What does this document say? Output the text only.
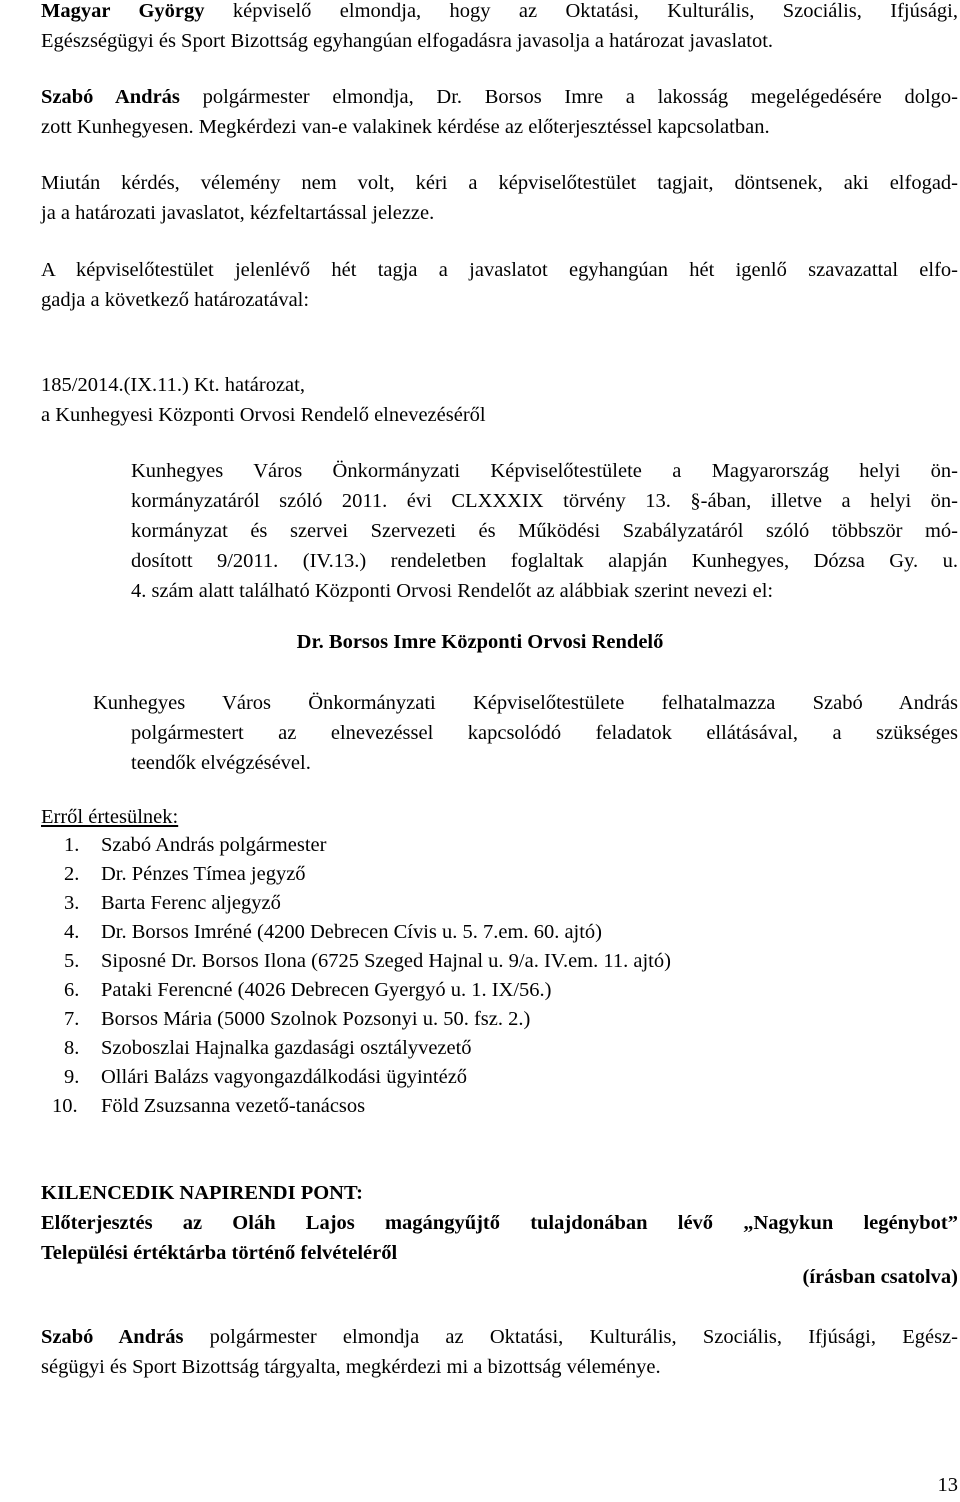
Magyar György képviselő elmondja, hogy az Oktatási, Kulturális, Szociális, Ifjúsági,
Egészségügyi és Sport Bizottság egyhangúan elfogadásra javasolja a határozat javaslatot.
Szabó András polgármester elmondja, Dr. Borsos Imre a lakosság megelégedésére dolgo-
zott Kunhegyesen. Megkérdezi van-e valakinek kérdése az előterjesztéssel kapcsolatban.
Miután kérdés, vélemény nem volt, kéri a képviselőtestület tagjait, döntsenek, aki elfogad-
ja a határozati javaslatot, kézfeltartással jelezze.
A képviselőtestület jelenlévő hét tagja a javaslatot egyhangúan hét igenlő szavazattal elfo-
gadja a következő határozatával:
185/2014.(IX.11.) Kt. határozat,
a Kunhegyesi Központi Orvosi Rendelő elnevezéséről
Kunhegyes Város Önkormányzati Képviselőtestülete a Magyarország helyi ön-
kormányzatáról szóló 2011. évi CLXXXIX törvény 13. §-ában, illetve a helyi ön-
kormányzat és szervei Szervezeti és Működési Szabályzatáról szóló többször mó-
dosított 9/2011. (IV.13.) rendeletben foglaltak alapján Kunhegyes, Dózsa Gy. u.
4. szám alatt található Központi Orvosi Rendelőt az alábbiak szerint nevezi el:
Dr. Borsos Imre Központi Orvosi Rendelő
Kunhegyes Város Önkormányzati Képviselőtestülete felhatalmazza Szabó András
polgármestert az elnevezéssel kapcsolódó feladatok ellátásával, a szükséges
teendők elvégzésével.
Erről értesülnek:
1. Szabó András polgármester
2. Dr. Pénzes Tímea jegyző
3. Barta Ferenc aljegyző
4. Dr. Borsos Imréné (4200 Debrecen Cívis u. 5. 7.em. 60. ajtó)
5. Siposné Dr. Borsos Ilona (6725 Szeged Hajnal u. 9/a. IV.em. 11. ajtó)
6. Pataki Ferencné (4026 Debrecen Gyergyó u. 1. IX/56.)
7. Borsos Mária (5000 Szolnok Pozsonyi u. 50. fsz. 2.)
8. Szoboszlai Hajnalka gazdasági osztályvezető
9. Ollári Balázs vagyongazdálkodási ügyintéző
10. Föld Zsuzsanna vezető-tanácsos
KILENCEDIK NAPIRENDI PONT:
Előterjesztés az Oláh Lajos magángyűjtő tulajdonában lévő „Nagykun legénybot”
Települési értéktárba történő felvételéről
(írásban csatolva)
Szabó András polgármester elmondja az Oktatási, Kulturális, Szociális, Ifjúsági, Egész-
ségügyi és Sport Bizottság tárgyalta, megkérdezi mi a bizottság véleménye.
13
